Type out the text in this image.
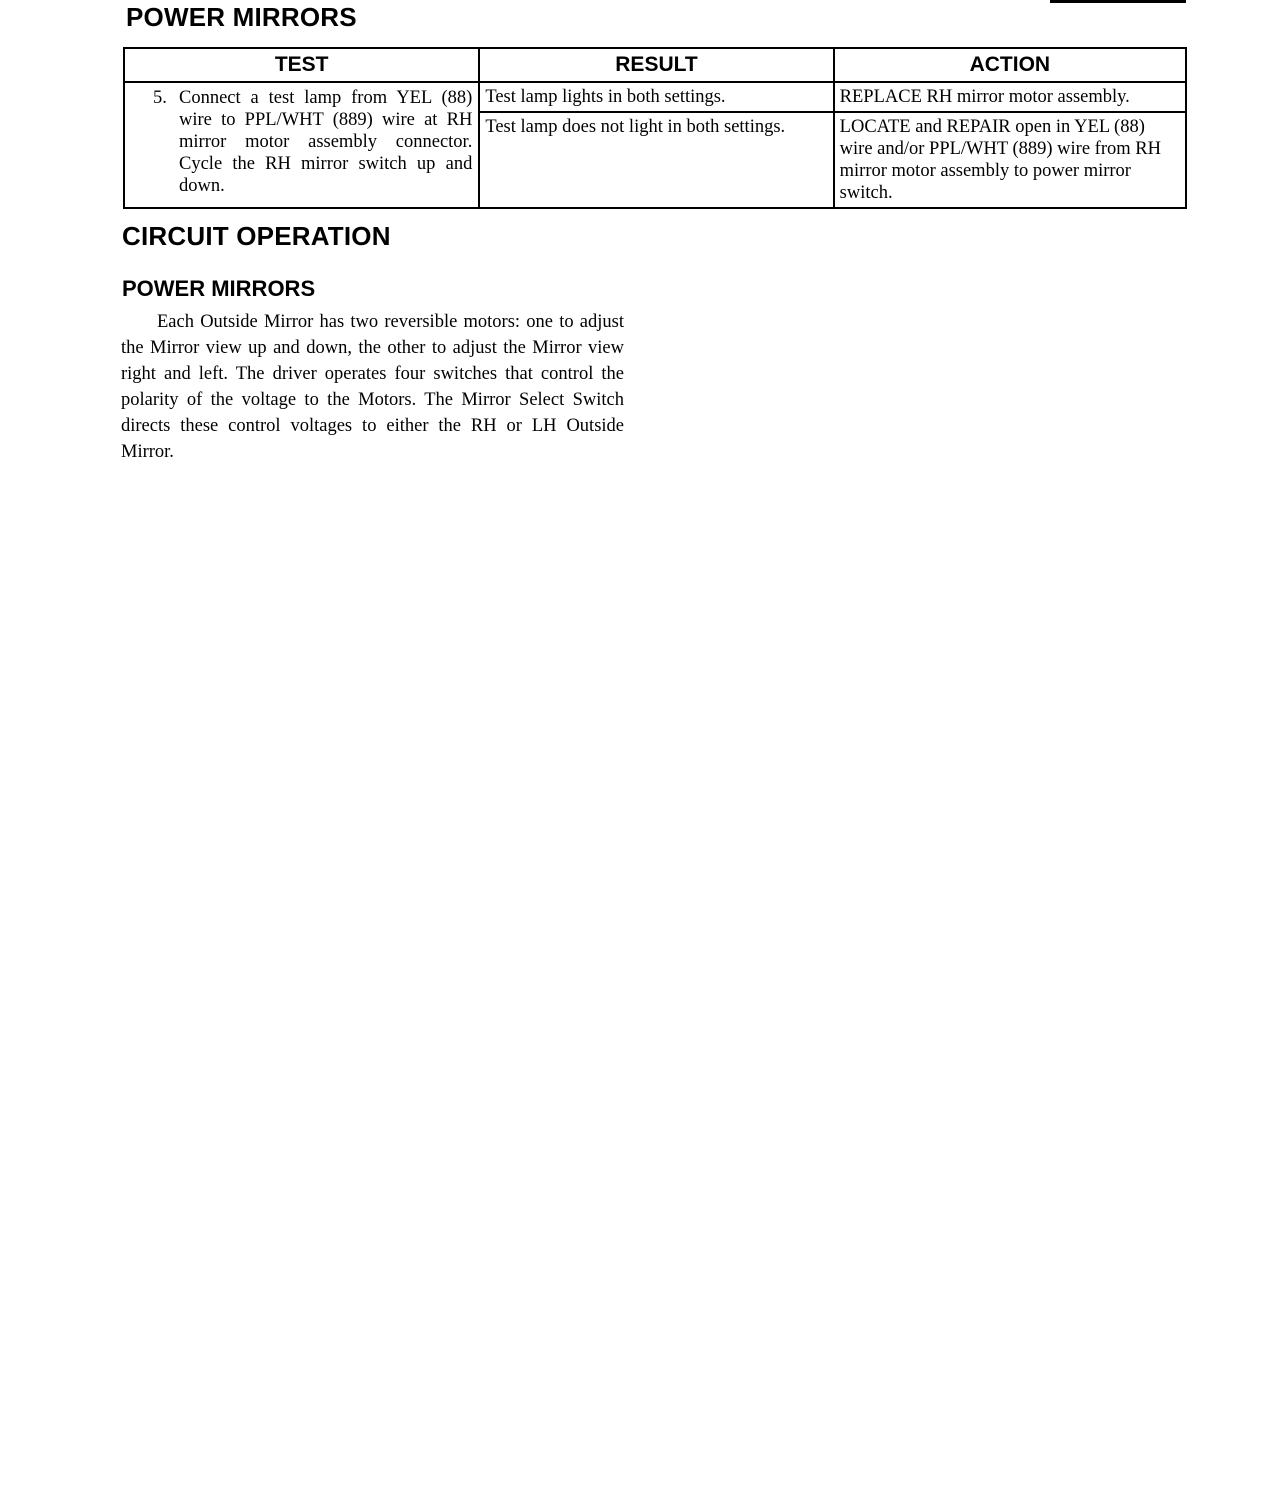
POWER MIRRORS
TEST	RESULT	ACTION

5. Connect a test lamp from YEL (88) wire to PPL/WHT (889) wire at RH mirror motor assembly connector. Cycle the RH mirror switch up and down.	Test lamp lights in both settings.	REPLACE RH mirror motor assembly.
	Test lamp does not light in both settings.	LOCATE and REPAIR open in YEL (88) wire and/or PPL/WHT (889) wire from RH mirror motor assembly to power mirror switch.
CIRCUIT OPERATION
POWER MIRRORS

Each Outside Mirror has two reversible motors: one to adjust the Mirror view up and down, the other to adjust the Mirror view right and left. The driver operates four switches that control the polarity of the voltage to the Motors. The Mirror Select Switch directs these control voltages to either the RH or LH Outside Mirror.
